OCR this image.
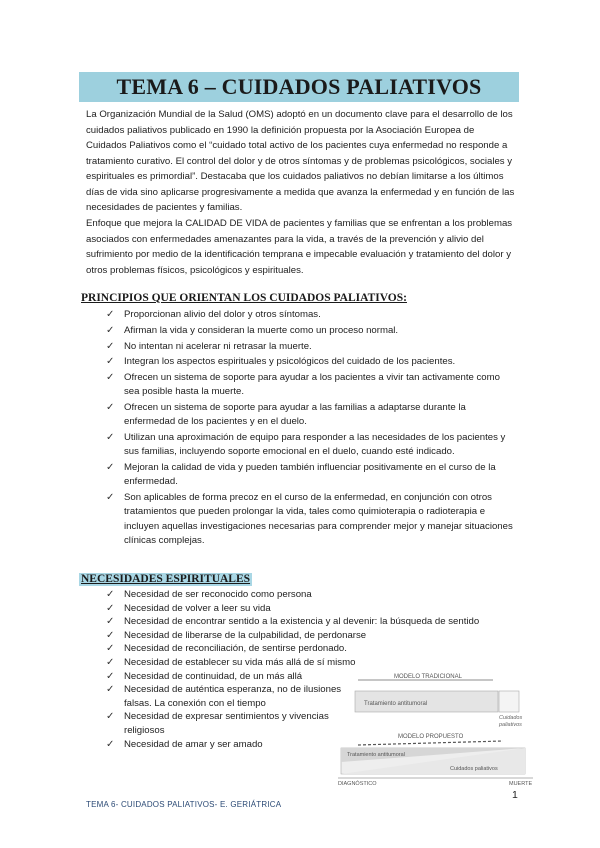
TEMA 6 – CUIDADOS PALIATIVOS

La Organización Mundial de la Salud (OMS) adoptó en un documento clave para el desarrollo de los cuidados paliativos publicado en 1990 la definición propuesta por la Asociación Europea de Cuidados Paliativos como el “cuidado total activo de los pacientes cuya enfermedad no responde a tratamiento curativo. El control del dolor y de otros síntomas y de problemas psicológicos, sociales y espirituales es primordial”. Destacaba que los cuidados paliativos no debían limitarse a los últimos días de vida sino aplicarse progresivamente a medida que avanza la enfermedad y en función de las necesidades de pacientes y familias.

Enfoque que mejora la CALIDAD DE VIDA de pacientes y familias que se enfrentan a los problemas asociados con enfermedades amenazantes para la vida, a través de la prevención y alivio del sufrimiento por medio de la identificación temprana e impecable evaluación y tratamiento del dolor y otros problemas físicos, psicológicos y espirituales.

PRINCIPIOS QUE ORIENTAN LOS CUIDADOS PALIATIVOS:
✓ Proporcionan alivio del dolor y otros síntomas.
✓ Afirman la vida y consideran la muerte como un proceso normal.
✓ No intentan ni acelerar ni retrasar la muerte.
✓ Integran los aspectos espirituales y psicológicos del cuidado de los pacientes.
✓ Ofrecen un sistema de soporte para ayudar a los pacientes a vivir tan activamente como sea posible hasta la muerte.
✓ Ofrecen un sistema de soporte para ayudar a las familias a adaptarse durante la enfermedad de los pacientes y en el duelo.
✓ Utilizan una aproximación de equipo para responder a las necesidades de los pacientes y sus familias, incluyendo soporte emocional en el duelo, cuando esté indicado.
✓ Mejoran la calidad de vida y pueden también influenciar positivamente en el curso de la enfermedad.
✓ Son aplicables de forma precoz en el curso de la enfermedad, en conjunción con otros tratamientos que pueden prolongar la vida, tales como quimioterapia o radioterapia e incluyen aquellas investigaciones necesarias para comprender mejor y manejar situaciones clínicas complejas.
NECESIDADES ESPIRITUALES
✓ Necesidad de ser reconocido como persona
✓ Necesidad de volver a leer su vida
✓ Necesidad de encontrar sentido a la existencia y al devenir: la búsqueda de sentido
✓ Necesidad de liberarse de la culpabilidad, de perdonarse
✓ Necesidad de reconciliación, de sentirse perdonado.
✓ Necesidad de establecer su vida más allá de sí mismo
✓ Necesidad de continuidad, de un más allá
✓ Necesidad de auténtica esperanza, no de ilusiones falsas. La conexión con el tiempo
✓ Necesidad de expresar sentimientos y vivencias religiosos
✓ Necesidad de amar y ser amado
MODELO TRADICIONAL
Tratamiento antitumoral
Cuidados
paliativos
MODELO PROPUESTO
Tratamiento antitumoral
Cuidados paliativos
DIAGNÓSTICO	MUERTE
1
TEMA 6- CUIDADOS PALIATIVOS- E. GERIÁTRICA
